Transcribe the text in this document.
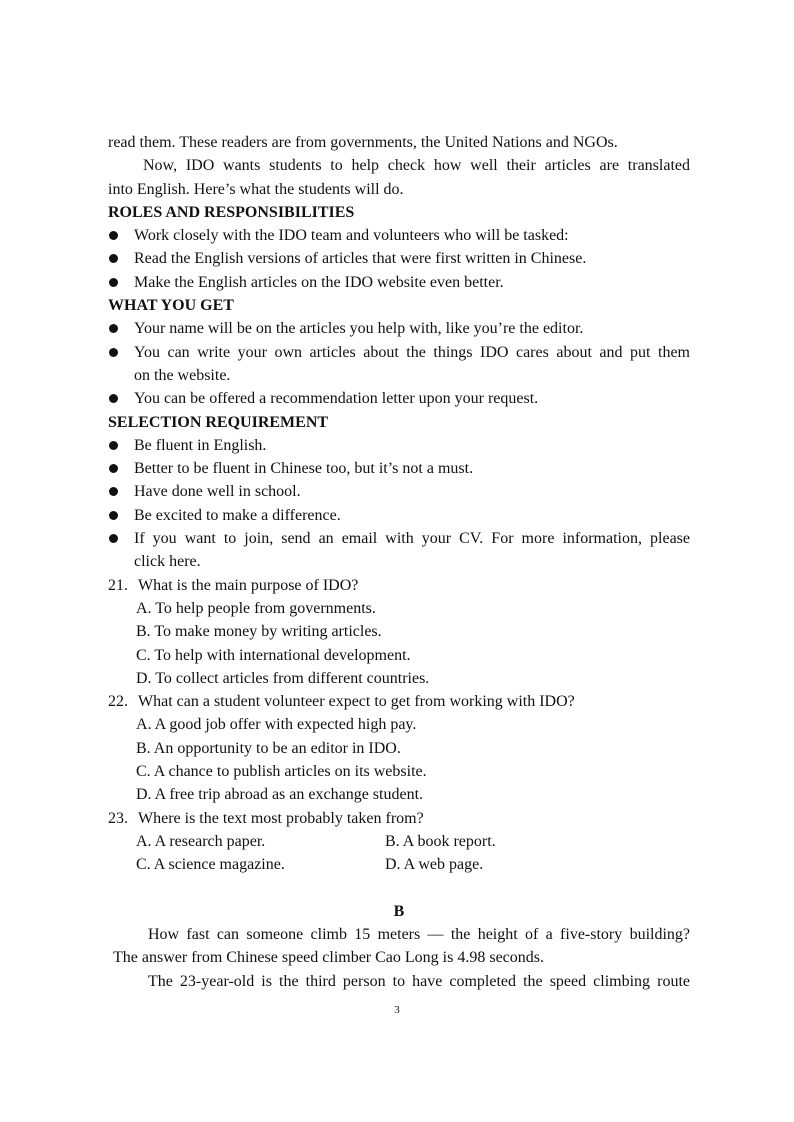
read them. These readers are from governments, the United Nations and NGOs.
Now, IDO wants students to help check how well their articles are translated
into English. Here’s what the students will do.
ROLES AND RESPONSIBILITIES
Work closely with the IDO team and volunteers who will be tasked:
Read the English versions of articles that were first written in Chinese.
Make the English articles on the IDO website even better.
WHAT YOU GET
Your name will be on the articles you help with, like you’re the editor.
You can write your own articles about the things IDO cares about and put them
on the website.
You can be offered a recommendation letter upon your request.
SELECTION REQUIREMENT
Be fluent in English.
Better to be fluent in Chinese too, but it’s not a must.
Have done well in school.
Be excited to make a difference.
If you want to join, send an email with your CV. For more information, please
click here.
21. What is the main purpose of IDO?
A. To help people from governments.
B. To make money by writing articles.
C. To help with international development.
D. To collect articles from different countries.
22. What can a student volunteer expect to get from working with IDO?
A. A good job offer with expected high pay.
B. An opportunity to be an editor in IDO.
C. A chance to publish articles on its website.
D. A free trip abroad as an exchange student.
23. Where is the text most probably taken from?
A. A research paper.	B. A book report.
C. A science magazine.	D. A web page.
B
How fast can someone climb 15 meters — the height of a five-story building?
The answer from Chinese speed climber Cao Long is 4.98 seconds.
The 23-year-old is the third person to have completed the speed climbing route
3
